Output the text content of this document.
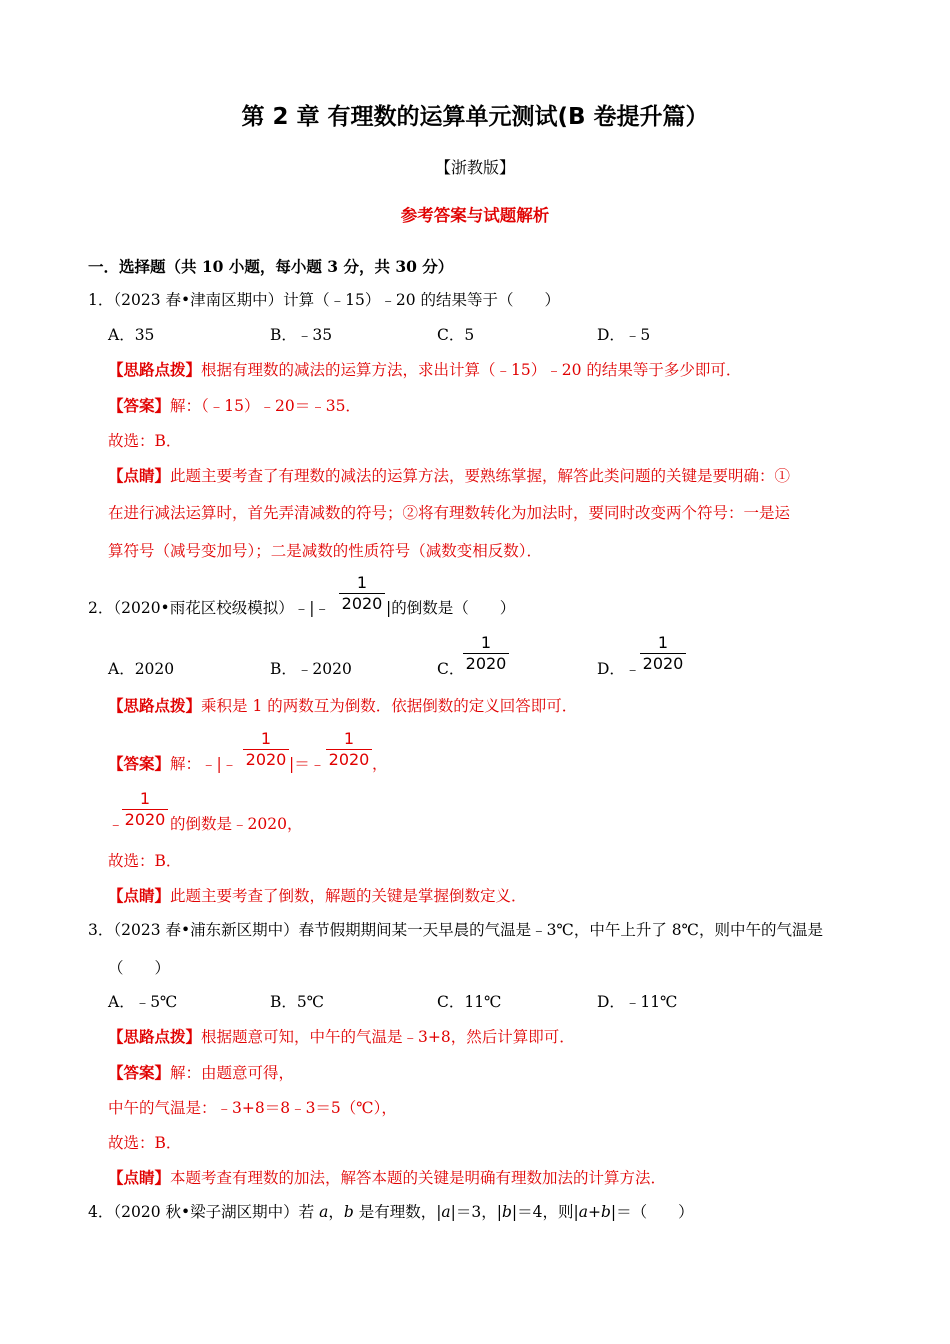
第 2 章 有理数的运算单元测试(B 卷提升篇）
【浙教版】
参考答案与试题解析
一．选择题（共 10 小题，每小题 3 分，共 30 分）
1．（2023 春•津南区期中）计算（﹣15）﹣20 的结果等于（　　）
A．35	B．﹣35	C．5	D．﹣5
【思路点拨】根据有理数的减法的运算方法，求出计算（﹣15）﹣20 的结果等于多少即可．
【答案】解：（﹣15）﹣20＝﹣35．
故选：B．
【点睛】此题主要考查了有理数的减法的运算方法，要熟练掌握，解答此类问题的关键是要明确：①
在进行减法运算时，首先弄清减数的符号；②将有理数转化为加法时，要同时改变两个符号：一是运
算符号（减号变加号）；二是减数的性质符号（减数变相反数）．
2．（2020•雨花区校级模拟）﹣|﹣
1
2020 |的倒数是（　　）
A．2020	B．﹣2020	C．
1
2020	D．﹣
1
2020
【思路点拨】乘积是 1 的两数互为倒数．依据倒数的定义回答即可．
【答案】解：﹣|﹣
1
2020 |＝﹣
1
2020 ，
﹣
1
2020 的倒数是﹣2020，
故选：B．
【点睛】此题主要考查了倒数，解题的关键是掌握倒数定义．
3．（2023 春•浦东新区期中）春节假期期间某一天早晨的气温是﹣3℃，中午上升了 8℃，则中午的气温是
（　　）
A．﹣5℃	B．5℃	C．11℃	D．﹣11℃
【思路点拨】根据题意可知，中午的气温是﹣3+8，然后计算即可．
【答案】解：由题意可得，
中午的气温是：﹣3+8＝8﹣3＝5（℃），
故选：B．
【点睛】本题考查有理数的加法，解答本题的关键是明确有理数加法的计算方法．
4．（2020 秋•梁子湖区期中）若 a，b 是有理数，|a|＝3，|b|＝4，则|a+b|＝（　　）
